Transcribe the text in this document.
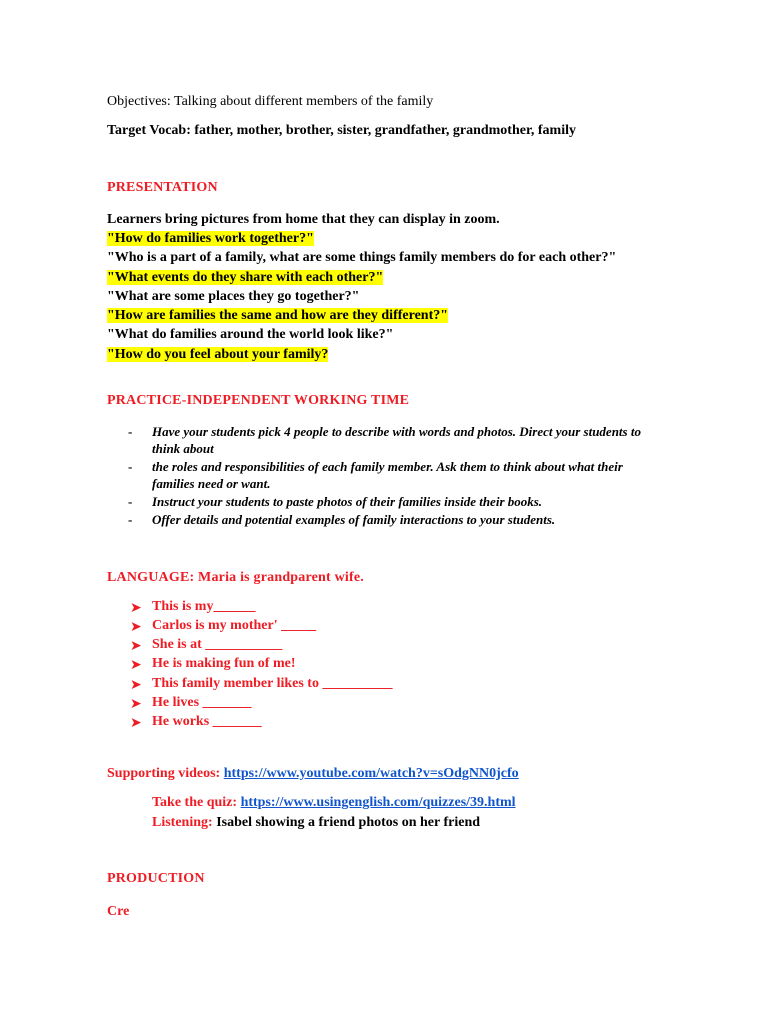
Objectives: Talking about different members of the family
Target Vocab: father, mother, brother, sister, grandfather, grandmother, family
PRESENTATION
Learners bring pictures from home that they can display in zoom.
"How do families work together?"
"Who is a part of a family, what are some things family members do for each other?"
"What events do they share with each other?"
"What are some places they go together?"
"How are families the same and how are they different?"
"What do families around the world look like?"
"How do you feel about your family?
PRACTICE-INDEPENDENT WORKING TIME
- Have your students pick 4 people to describe with words and photos. Direct your students to think about
- the roles and responsibilities of each family member. Ask them to think about what their families need or want.
- Instruct your students to paste photos of their families inside their books.
- Offer details and potential examples of family interactions to your students.
LANGUAGE: Maria is grandparent wife.
➤ This is my______
➤ Carlos is my mother' _____
➤ She is at ___________
➤ He is making fun of me!
➤ This family member likes to __________
➤ He lives _______
➤ He works _______
Supporting videos: https://www.youtube.com/watch?v=sOdgNN0jcfo
Take the quiz: https://www.usingenglish.com/quizzes/39.html
Listening: Isabel showing a friend photos on her friend
PRODUCTION
Cre
